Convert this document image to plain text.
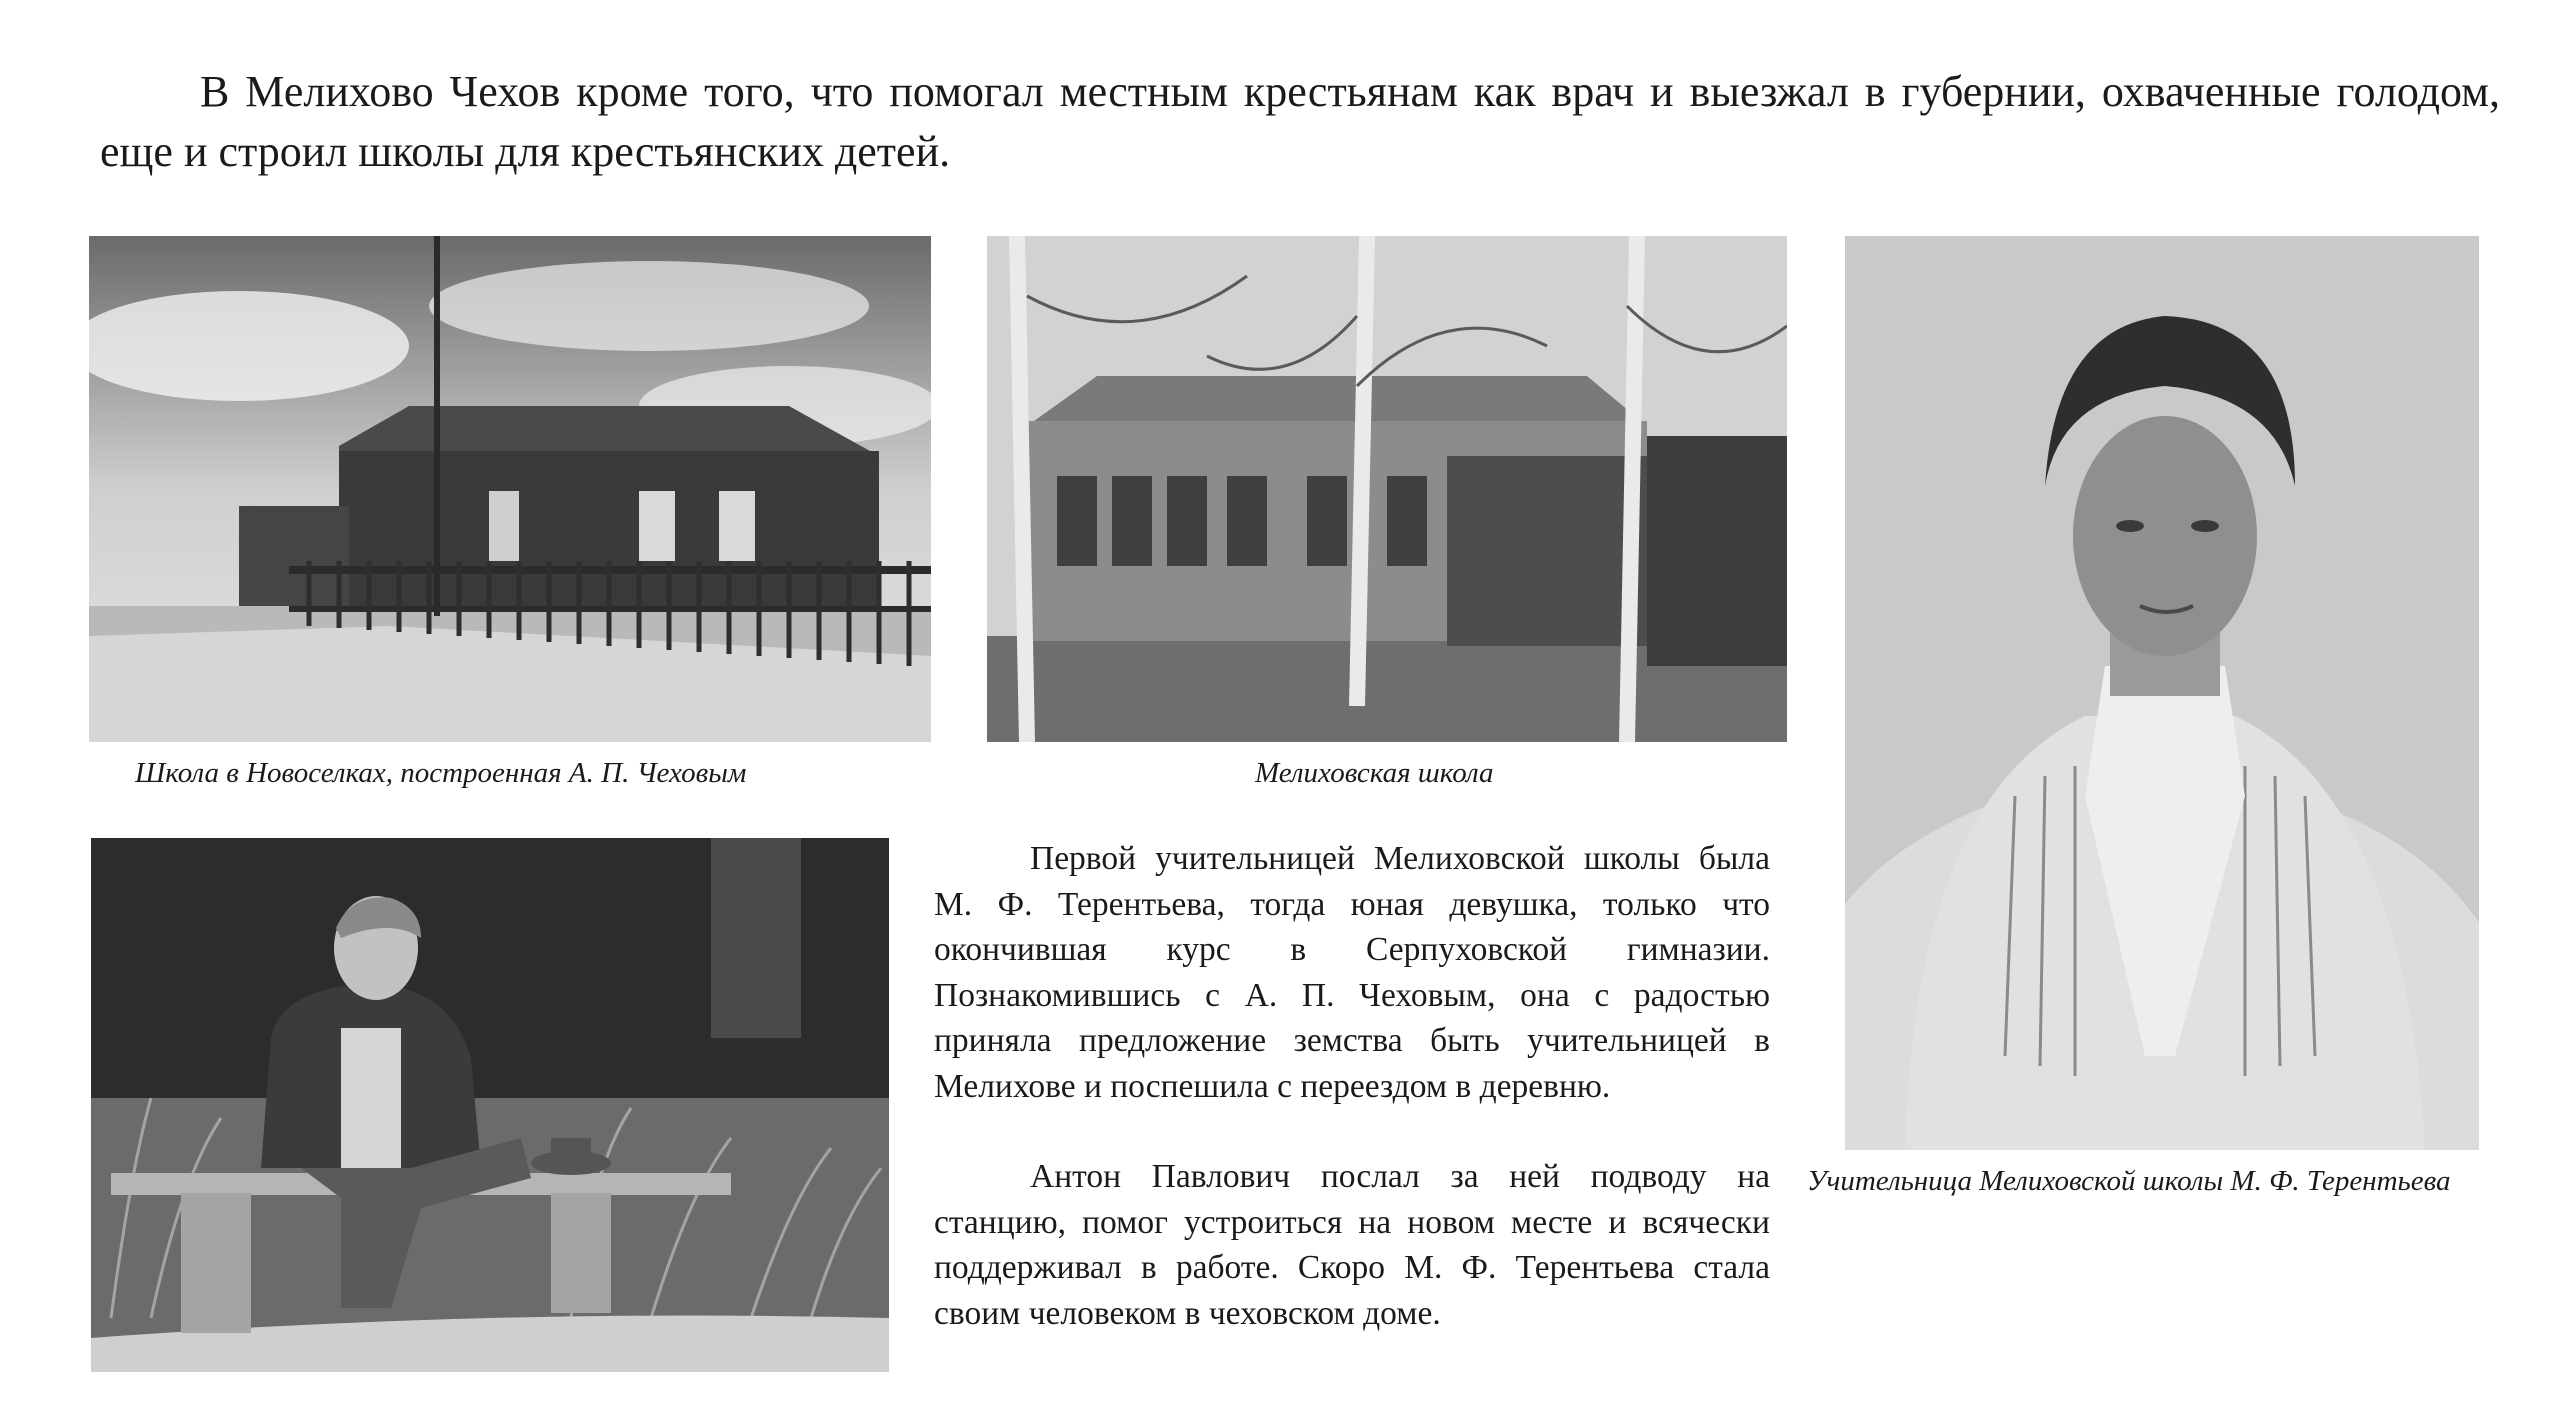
В Мелихово Чехов кроме того, что помогал местным крестьянам как врач и выезжал в губернии, охваченные голодом, еще и строил школы для крестьянских детей.

Школа в Новоселках, построенная А. П. Чеховым	Мелиховская школа

Учительница Мелиховской школы М. Ф. Терентьева

Первой учительницей Мелиховской школы была М. Ф. Терентьева, тогда юная девушка, только что окончившая курс в Серпуховской гимназии. Познакомившись с А. П. Чеховым, она с радостью приняла предложение земства быть учительницей в Мелихове и поспешила с переездом в деревню.

Антон Павлович послал за ней подводу на станцию, помог устроиться на новом месте и всячески поддерживал в работе. Скоро М. Ф. Терентьева стала своим человеком в чеховском доме.
